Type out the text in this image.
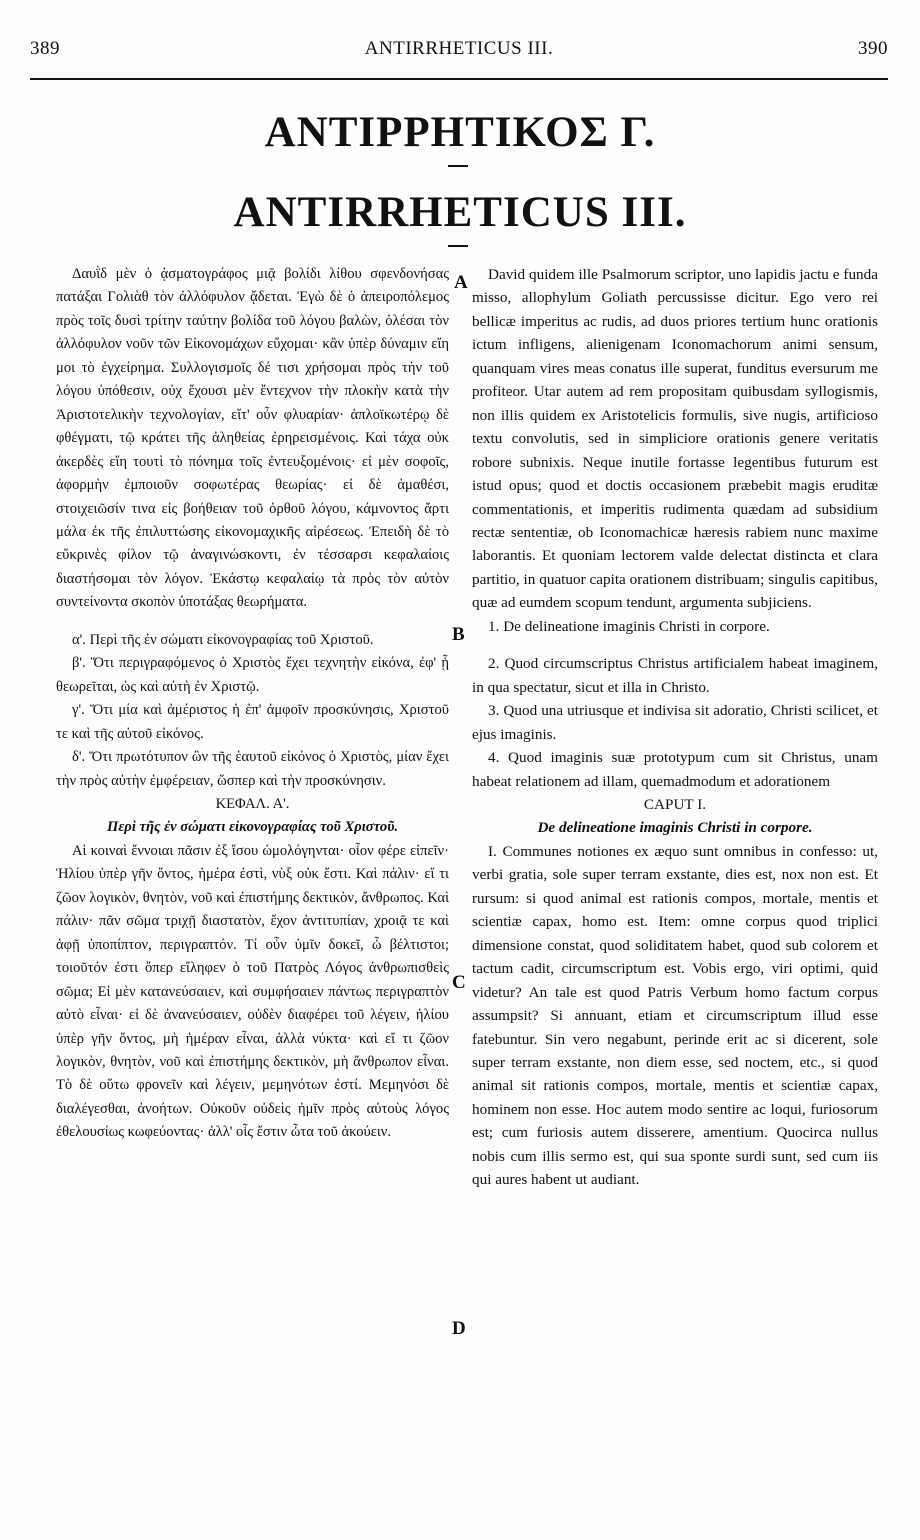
389	ANTIRRHETICUS III.	390
ΑΝΤΙΡΡΗΤΙΚΟΣ Γ.
ANTIRRHETICUS III.
A
B
C
D

Δαυῒδ μὲν ὁ ᾀσματογράφος μιᾷ βολίδι λίθου σφενδονήσας πατάξαι Γολιὰθ τὸν ἀλλόφυλον ᾄδεται. Ἐγὼ δὲ ὁ ἀπειροπόλεμος πρὸς τοῖς δυσὶ τρίτην ταύτην βολίδα τοῦ λόγου βαλὼν, ὀλέσαι τὸν ἀλλόφυλον νοῦν τῶν Εἰκονομάχων εὔχομαι· κἂν ὑπὲρ δύναμιν εἴη μοι τὸ ἐγχείρημα. Συλλογισμοῖς δέ τισι χρήσομαι πρὸς τὴν τοῦ λόγου ὑπόθεσιν, οὐχ ἔχουσι μὲν ἔντεχνον τὴν πλοκὴν κατὰ τὴν Ἀριστοτελικὴν τεχνολογίαν, εἴτ' οὖν φλυαρίαν· ἁπλοϊκωτέρῳ δὲ φθέγματι, τῷ κράτει τῆς ἀληθείας ἐρηρεισμένοις. Καὶ τάχα οὐκ ἀκερδὲς εἴη τουτὶ τὸ πόνημα τοῖς ἐντευξομένοις· εἰ μὲν σοφοῖς, ἀφορμὴν ἐμποιοῦν σοφωτέρας θεωρίας· εἰ δὲ ἀμαθέσι, στοιχειῶσίν τινα εἰς βοήθειαν τοῦ ὀρθοῦ λόγου, κάμνοντος ἄρτι μάλα ἐκ τῆς ἐπιλυττώσης εἰκονομαχικῆς αἱρέσεως. Ἐπειδὴ δὲ τὸ εὔκρινὲς φίλον τῷ ἀναγινώσκοντι, ἐν τέσσαρσι κεφαλαίοις διαστήσομαι τὸν λόγον. Ἑκάστῳ κεφαλαίῳ τὰ πρὸς τὸν αὐτὸν συντείνοντα σκοπὸν ὑποτάξας θεωρήματα.

α'. Περὶ τῆς ἐν σώματι εἰκονογραφίας τοῦ Χριστοῦ.

β'. Ὅτι περιγραφόμενος ὁ Χριστὸς ἔχει τεχνητὴν εἰκόνα, ἐφ' ᾗ θεωρεῖται, ὡς καὶ αὐτὴ ἐν Χριστῷ.

γ'. Ὅτι μία καὶ ἀμέριστος ἡ ἐπ' ἀμφοῖν προσκύνησις, Χριστοῦ τε καὶ τῆς αὐτοῦ εἰκόνος.

δ'. Ὅτι πρωτότυπον ὢν τῆς ἑαυτοῦ εἰκόνος ὁ Χριστὸς, μίαν ἔχει τὴν πρὸς αὐτὴν ἐμφέρειαν, ὥσπερ καὶ τὴν προσκύνησιν.

ΚΕΦΑΛ. Α'.

Περὶ τῆς ἐν σώματι εἰκονογραφίας τοῦ Χριστοῦ.

Αἱ κοιναὶ ἔννοιαι πᾶσιν ἐξ ἴσου ὡμολόγηνται· οἷον φέρε εἰπεῖν· Ἡλίου ὑπὲρ γῆν ὄντος, ἡμέρα ἐστὶ, νὺξ οὐκ ἔστι. Καὶ πάλιν· εἴ τι ζῶον λογικὸν, θνητὸν, νοῦ καὶ ἐπιστήμης δεκτικὸν, ἄνθρωπος. Καὶ πάλιν· πᾶν σῶμα τριχῇ διαστατὸν, ἔχον ἀντιτυπίαν, χροιᾷ τε καὶ ἁφῇ ὑποπίπτον, περιγραπτόν. Τί οὖν ὑμῖν δοκεῖ, ὦ βέλτιστοι; τοιοῦτόν ἐστι ὅπερ εἴληφεν ὁ τοῦ Πατρὸς Λόγος ἀνθρωπισθεὶς σῶμα; Εἰ μὲν κατανεύσαιεν, καὶ συμφήσαιεν πάντως περιγραπτὸν αὐτὸ εἶναι· εἰ δὲ ἀνανεύσαιεν, οὐδὲν διαφέρει τοῦ λέγειν, ἡλίου ὑπὲρ γῆν ὄντος, μὴ ἡμέραν εἶναι, ἀλλὰ νύκτα· καὶ εἴ τι ζῶον λογικὸν, θνητὸν, νοῦ καὶ ἐπιστήμης δεκτικὸν, μὴ ἄνθρωπον εἶναι. Τὸ δὲ οὕτω φρονεῖν καὶ λέγειν, μεμηνότων ἐστί. Μεμηνόσι δὲ διαλέγεσθαι, ἀνοήτων. Οὐκοῦν οὐδεὶς ἡμῖν πρὸς αὐτοὺς λόγος ἐθελουσίως κωφεύοντας· ἀλλ' οἷς ἔστιν ὦτα τοῦ ἀκούειν.

David quidem ille Psalmorum scriptor, uno lapidis jactu e funda misso, allophylum Goliath percussisse dicitur. Ego vero rei bellicæ imperitus ac rudis, ad duos priores tertium hunc orationis ictum infligens, alienigenam Iconomachorum animi sensum, quanquam vires meas conatus ille superat, funditus eversurum me profiteor. Utar autem ad rem propositam quibusdam syllogismis, non illis quidem ex Aristotelicis formulis, sive nugis, artificioso textu convolutis, sed in simpliciore orationis genere veritatis robore subnixis. Neque inutile fortasse legentibus futurum est istud opus; quod et doctis occasionem præbebit magis eruditæ commentationis, et imperitis rudimenta quædam ad subsidium rectæ sententiæ, ob Iconomachicæ hæresis rabiem nunc maxime laborantis. Et quoniam lectorem valde delectat distincta et clara partitio, in quatuor capita orationem distribuam; singulis capitibus, quæ ad eumdem scopum tendunt, argumenta subjiciens.

1. De delineatione imaginis Christi in corpore.

2. Quod circumscriptus Christus artificialem habeat imaginem, in qua spectatur, sicut et illa in Christo.

3. Quod una utriusque et indivisa sit adoratio, Christi scilicet, et ejus imaginis.

4. Quod imaginis suæ prototypum cum sit Christus, unam habeat relationem ad illam, quemadmodum et adorationem

CAPUT I.

De delineatione imaginis Christi in corpore.

I. Communes notiones ex æquo sunt omnibus in confesso: ut, verbi gratia, sole super terram exstante, dies est, nox non est. Et rursum: si quod animal est rationis compos, mortale, mentis et scientiæ capax, homo est. Item: omne corpus quod triplici dimensione constat, quod soliditatem habet, quod sub colorem et tactum cadit, circumscriptum est. Vobis ergo, viri optimi, quid videtur? An tale est quod Patris Verbum homo factum corpus assumpsit? Si annuant, etiam et circumscriptum illud esse fatebuntur. Sin vero negabunt, perinde erit ac si dicerent, sole super terram exstante, non diem esse, sed noctem, etc., si quod animal sit rationis compos, mortale, mentis et scientiæ capax, hominem non esse. Hoc autem modo sentire ac loqui, furiosorum est; cum furiosis autem disserere, amentium. Quocirca nullus nobis cum illis sermo est, qui sua sponte surdi sunt, sed cum iis qui aures habent ut audiant.
